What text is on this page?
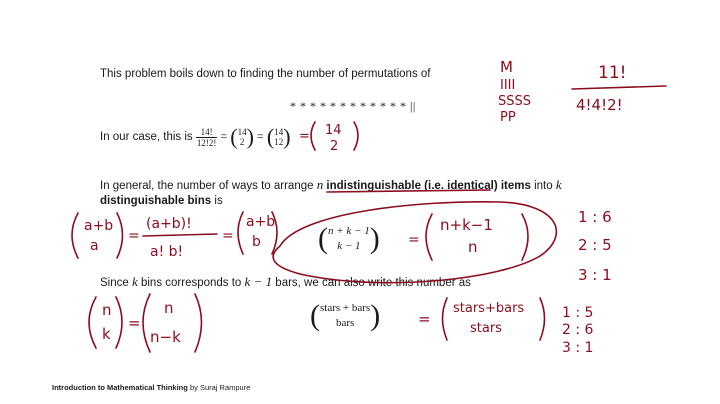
This problem boils down to finding the number of permutations of
* * * * * * * * * * * * ||
In our case, this is $\frac{14!}{12!2!}$ = ( 14
2 ) = ( 14
12 )
In general, the number of ways to arrange n indistinguishable (i.e. identical) items into k
distinguishable bins is
( n + k − 1
k − 1 )
Since k bins corresponds to k − 1 bars, we can also write this number as
( stars + bars
bars )
Introduction to Mathematical Thinking by Suraj Rampure
M
IIII
SSSS
PP
11!
4!4!2!
14
2
=
a+b
a
=
(a+b)!
a! b!
=
a+b
b	=
n+k−1
n
1 : 6
2 : 5
3 : 1
n
k
=
n
n−k
=
stars+bars
stars
1 : 5
2 : 6
3 : 1
